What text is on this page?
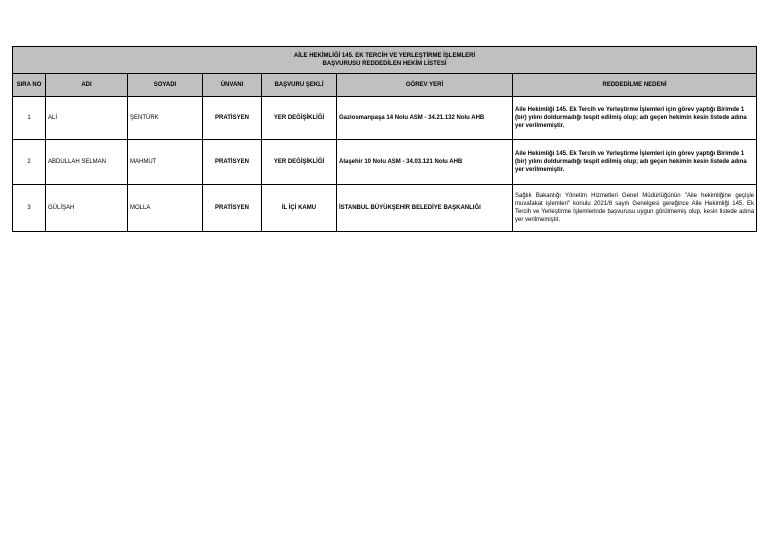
AİLE HEKİMLİĞİ 145. EK TERCİH VE YERLEŞTİRME İŞLEMLERİ
BAŞVURUSU REDDEDİLEN HEKİM LİSTESİ						

SIRA NO	ADI	SOYADI	ÜNVANI	BAŞVURU ŞEKLİ	GÖREV YERİ	REDDEDİLME NEDENİ
1	ALİ	ŞENTÜRK	PRATİSYEN	YER DEĞİŞİKLİĞİ	Gaziosmanpaşa 14 Nolu ASM - 34.21.132 Nolu AHB	Aile Hekimliği 145. Ek Tercih ve Yerleştirme İşlemleri için görev yaptığı Birimde 1 (bir) yılını doldurmadığı tespit edilmiş olup; adı geçen hekimin kesin listede adına yer verilmemiştir.
2	ABDULLAH SELMAN	MAHMUT	PRATİSYEN	YER DEĞİŞİKLİĞİ	Alaşehir 10 Nolu ASM - 34.03.121 Nolu AHB	Aile Hekimliği 145. Ek Tercih ve Yerleştirme İşlemleri için görev yaptığı Birimde 1 (bir) yılını doldurmadığı tespit edilmiş olup; adı geçen hekimin kesin listede adına yer verilmemiştir.
3	GÜLİŞAH	MOLLA	PRATİSYEN	İL İÇİ KAMU	İSTANBUL BÜYÜKŞEHİR BELEDİYE BAŞKANLIĞI	Sağlık Bakanlığı Yönetim Hizmetleri Genel Müdürlüğünün "Aile hekimliğine geçişle muvafakat işlemleri" konulu 2021/8 sayılı Genelgesi gereğince Aile Hekimliği 145. Ek Tercih ve Yerleştirme İşlemlerinde başvurusu uygun görülmemiş olup, kesin listede adına yer verilmemiştir.
